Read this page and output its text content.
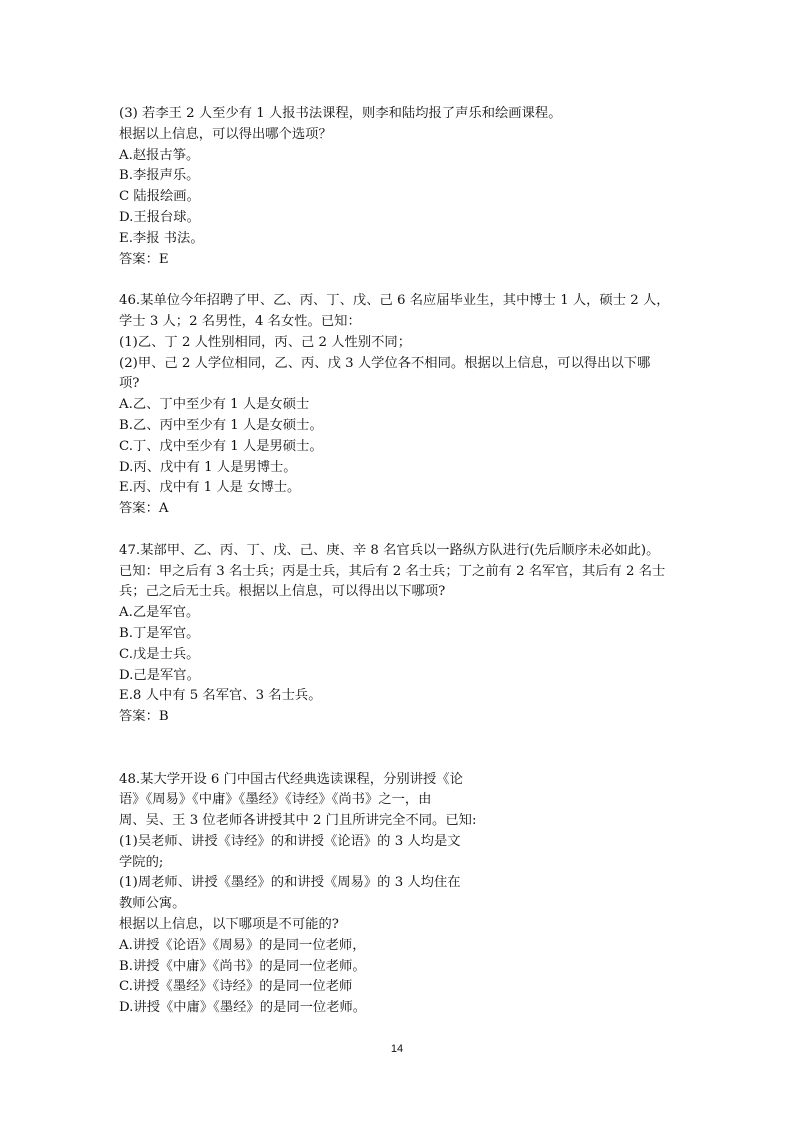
(3) 若李王 2 人至少有 1 人报书法课程，则李和陆均报了声乐和绘画课程。
根据以上信息，可以得出哪个选项？
A.赵报古筝。
B.李报声乐。
C 陆报绘画。
D.王报台球。
E.李报 书法。
答案：E
46.某单位今年招聘了甲、乙、丙、丁、戊、己 6 名应届毕业生，其中博士 1 人，硕士 2 人，
学士 3 人；2 名男性，4 名女性。已知：
(1)乙、丁 2 人性别相同，丙、己 2 人性别不同；
(2)甲、己 2 人学位相同，乙、丙、戊 3 人学位各不相同。根据以上信息，可以得出以下哪
项?
A.乙、丁中至少有 1 人是女硕士
B.乙、丙中至少有 1 人是女硕士。
C.丁、戊中至少有 1 人是男硕士。
D.丙、戊中有 1 人是男博士。
E.丙、戊中有 1 人是 女博士。
答案：A
47.某部甲、乙、丙、丁、戊、己、庚、辛 8 名官兵以一路纵方队进行(先后顺序未必如此)。
已知：甲之后有 3 名士兵；丙是士兵，其后有 2 名士兵；丁之前有 2 名军官，其后有 2 名士
兵；己之后无士兵。根据以上信息，可以得出以下哪项?
A.乙是军官。
B.丁是军官。
C.戊是士兵。
D.己是军官。
E.8 人中有 5 名军官、3 名士兵。
答案：B
48.某大学开设 6 门中国古代经典选读课程，分别讲授《论
语》《周易》《中庸》《墨经》《诗经》《尚书》之一，由
周、吴、王 3 位老师各讲授其中 2 门且所讲完全不同。已知:
(1)吴老师、讲授《诗经》的和讲授《论语》的 3 人均是文
学院的;
(1)周老师、讲授《墨经》的和讲授《周易》的 3 人均住在
教师公寓。
根据以上信息，以下哪项是不可能的?
A.讲授《论语》《周易》的是同一位老师，
B.讲授《中庸》《尚书》的是同一位老师。
C.讲授《墨经》《诗经》的是同一位老师
D.讲授《中庸》《墨经》的是同一位老师。
14
